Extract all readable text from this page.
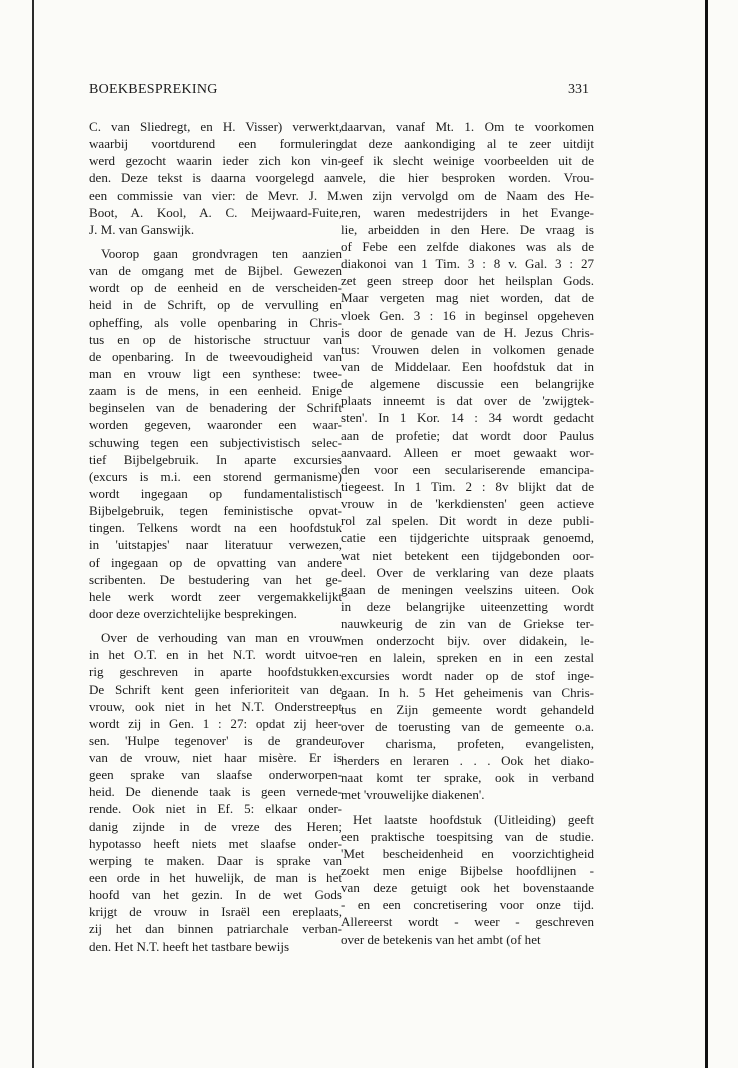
BOEKBESPREKING	331

C. van Sliedregt, en H. Visser) verwerkt,
waarbij voortdurend een formulering
werd gezocht waarin ieder zich kon vin-
den. Deze tekst is daarna voorgelegd aan
een commissie van vier: de Mevr. J. M.
Boot, A. Kool, A. C. Meijwaard-Fuite,
J. M. van Ganswijk.

Voorop gaan grondvragen ten aanzien
van de omgang met de Bijbel. Gewezen
wordt op de eenheid en de verscheiden-
heid in de Schrift, op de vervulling en
opheffing, als volle openbaring in Chris-
tus en op de historische structuur van
de openbaring. In de tweevoudigheid van
man en vrouw ligt een synthese: twee-
zaam is de mens, in een eenheid. Enige
beginselen van de benadering der Schrift
worden gegeven, waaronder een waar-
schuwing tegen een subjectivistisch selec-
tief Bijbelgebruik. In aparte excursies
(excurs is m.i. een storend germanisme)
wordt ingegaan op fundamentalistisch
Bijbelgebruik, tegen feministische opvat-
tingen. Telkens wordt na een hoofdstuk
in 'uitstapjes' naar literatuur verwezen,
of ingegaan op de opvatting van andere
scribenten. De bestudering van het ge-
hele werk wordt zeer vergemakkelijkt
door deze overzichtelijke besprekingen.

Over de verhouding van man en vrouw
in het O.T. en in het N.T. wordt uitvoe-
rig geschreven in aparte hoofdstukken.
De Schrift kent geen inferioriteit van de
vrouw, ook niet in het N.T. Onderstreept
wordt zij in Gen. 1 : 27: opdat zij heer-
sen. 'Hulpe tegenover' is de grandeur
van de vrouw, niet haar misère. Er is
geen sprake van slaafse onderworpen-
heid. De dienende taak is geen vernede-
rende. Ook niet in Ef. 5: elkaar onder-
danig zijnde in de vreze des Heren;
hypotasso heeft niets met slaafse onder-
werping te maken. Daar is sprake van
een orde in het huwelijk, de man is het
hoofd van het gezin. In de wet Gods
krijgt de vrouw in Israël een ereplaats,
zij het dan binnen patriarchale verban-
den. Het N.T. heeft het tastbare bewijs

daarvan, vanaf Mt. 1. Om te voorkomen
dat deze aankondiging al te zeer uitdijt
geef ik slecht weinige voorbeelden uit de
vele, die hier besproken worden. Vrou-
wen zijn vervolgd om de Naam des He-
ren, waren medestrijders in het Evange-
lie, arbeidden in den Here. De vraag is
of Febe een zelfde diakones was als de
diakonoi van 1 Tim. 3 : 8 v. Gal. 3 : 27
zet geen streep door het heilsplan Gods.
Maar vergeten mag niet worden, dat de
vloek Gen. 3 : 16 in beginsel opgeheven
is door de genade van de H. Jezus Chris-
tus: Vrouwen delen in volkomen genade
van de Middelaar. Een hoofdstuk dat in
de algemene discussie een belangrijke
plaats inneemt is dat over de 'zwijgtek-
sten'. In 1 Kor. 14 : 34 wordt gedacht
aan de profetie; dat wordt door Paulus
aanvaard. Alleen er moet gewaakt wor-
den voor een seculariserende emancipa-
tiegeest. In 1 Tim. 2 : 8v blijkt dat de
vrouw in de 'kerkdiensten' geen actieve
rol zal spelen. Dit wordt in deze publi-
catie een tijdgerichte uitspraak genoemd,
wat niet betekent een tijdgebonden oor-
deel. Over de verklaring van deze plaats
gaan de meningen veelszins uiteen. Ook
in deze belangrijke uiteenzetting wordt
nauwkeurig de zin van de Griekse ter-
men onderzocht bijv. over didakein, le-
ren en lalein, spreken en in een zestal
excursies wordt nader op de stof inge-
gaan. In h. 5 Het geheimenis van Chris-
tus en Zijn gemeente wordt gehandeld
over de toerusting van de gemeente o.a.
over charisma, profeten, evangelisten,
herders en leraren . . . Ook het diako-
naat komt ter sprake, ook in verband
met 'vrouwelijke diakenen'.

Het laatste hoofdstuk (Uitleiding) geeft
een praktische toespitsing van de studie.
'Met bescheidenheid en voorzichtigheid
zoekt men enige Bijbelse hoofdlijnen -
van deze getuigt ook het bovenstaande
- en een concretisering voor onze tijd.
Allereerst wordt - weer - geschreven
over de betekenis van het ambt (of het
